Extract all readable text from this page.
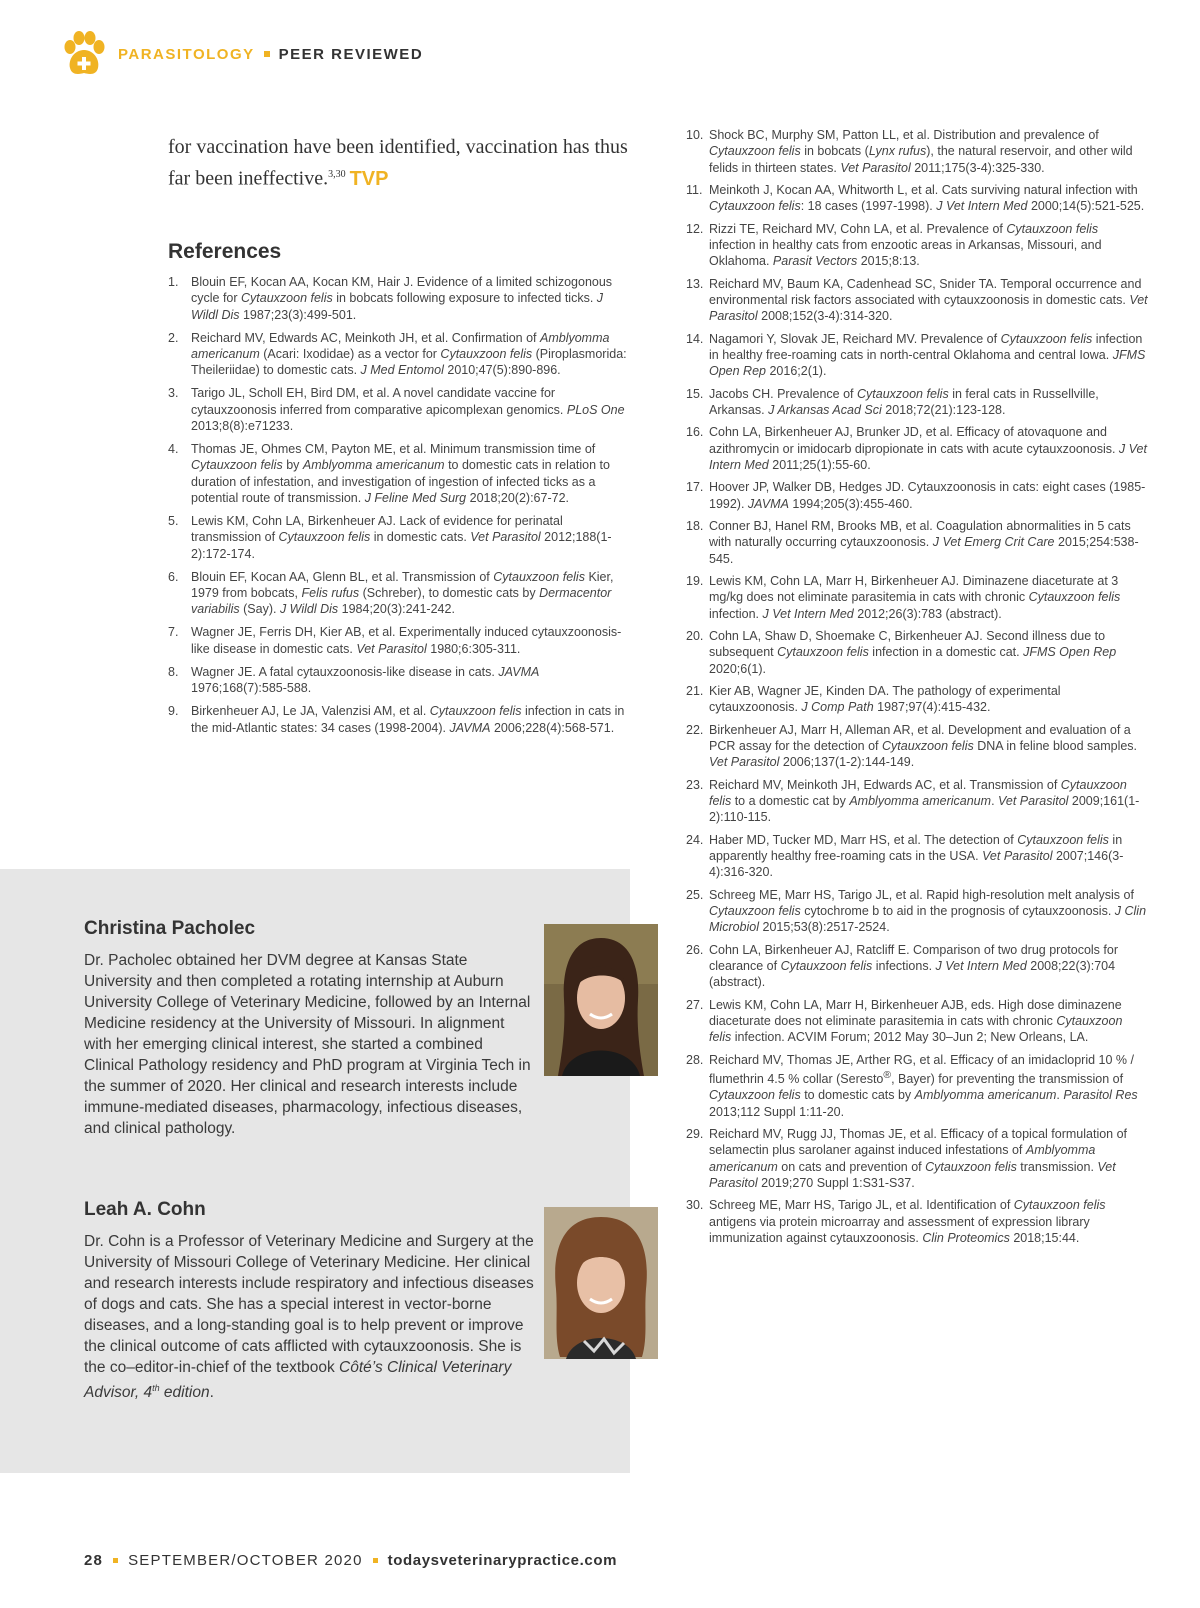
PARASITOLOGY PEER REVIEWED

for vaccination have been identified, vaccination has thus far been ineffective.$^{3,30}$ TVP

References
1.	Blouin EF, Kocan AA, Kocan KM, Hair J. Evidence of a limited schizogonous cycle for Cytauxzoon felis in bobcats following exposure to infected ticks. J Wildl Dis 1987;23(3):499-501.
2.	Reichard MV, Edwards AC, Meinkoth JH, et al. Confirmation of Amblyomma americanum (Acari: Ixodidae) as a vector for Cytauxzoon felis (Piroplasmorida: Theileriidae) to domestic cats. J Med Entomol 2010;47(5):890-896.
3.	Tarigo JL, Scholl EH, Bird DM, et al. A novel candidate vaccine for cytauxzoonosis inferred from comparative apicomplexan genomics. PLoS One 2013;8(8):e71233.
4.	Thomas JE, Ohmes CM, Payton ME, et al. Minimum transmission time of Cytauxzoon felis by Amblyomma americanum to domestic cats in relation to duration of infestation, and investigation of ingestion of infected ticks as a potential route of transmission. J Feline Med Surg 2018;20(2):67-72.
5.	Lewis KM, Cohn LA, Birkenheuer AJ. Lack of evidence for perinatal transmission of Cytauxzoon felis in domestic cats. Vet Parasitol 2012;188(1-2):172-174.
6.	Blouin EF, Kocan AA, Glenn BL, et al. Transmission of Cytauxzoon felis Kier, 1979 from bobcats, Felis rufus (Schreber), to domestic cats by Dermacentor variabilis (Say). J Wildl Dis 1984;20(3):241-242.
7.	Wagner JE, Ferris DH, Kier AB, et al. Experimentally induced cytauxzoonosis-like disease in domestic cats. Vet Parasitol 1980;6:305-311.
8.	Wagner JE. A fatal cytauxzoonosis-like disease in cats. JAVMA 1976;168(7):585-588.
9.	Birkenheuer AJ, Le JA, Valenzisi AM, et al. Cytauxzoon felis infection in cats in the mid-Atlantic states: 34 cases (1998-2004). JAVMA 2006;228(4):568-571.
10. Shock BC, Murphy SM, Patton LL, et al. Distribution and prevalence of Cytauxzoon felis in bobcats (Lynx rufus), the natural reservoir, and other wild felids in thirteen states. Vet Parasitol 2011;175(3-4):325-330.
11. Meinkoth J, Kocan AA, Whitworth L, et al. Cats surviving natural infection with Cytauxzoon felis: 18 cases (1997-1998). J Vet Intern Med 2000;14(5):521-525.
12. Rizzi TE, Reichard MV, Cohn LA, et al. Prevalence of Cytauxzoon felis infection in healthy cats from enzootic areas in Arkansas, Missouri, and Oklahoma. Parasit Vectors 2015;8:13.
13. Reichard MV, Baum KA, Cadenhead SC, Snider TA. Temporal occurrence and environmental risk factors associated with cytauxzoonosis in domestic cats. Vet Parasitol 2008;152(3-4):314-320.
14. Nagamori Y, Slovak JE, Reichard MV. Prevalence of Cytauxzoon felis infection in healthy free-roaming cats in north-central Oklahoma and central Iowa. JFMS Open Rep 2016;2(1).
15. Jacobs CH. Prevalence of Cytauxzoon felis in feral cats in Russellville, Arkansas. J Arkansas Acad Sci 2018;72(21):123-128.
16. Cohn LA, Birkenheuer AJ, Brunker JD, et al. Efficacy of atovaquone and azithromycin or imidocarb dipropionate in cats with acute cytauxzoonosis. J Vet Intern Med 2011;25(1):55-60.
17. Hoover JP, Walker DB, Hedges JD. Cytauxzoonosis in cats: eight cases (1985-1992). JAVMA 1994;205(3):455-460.
18. Conner BJ, Hanel RM, Brooks MB, et al. Coagulation abnormalities in 5 cats with naturally occurring cytauxzoonosis. J Vet Emerg Crit Care 2015;254:538-545.
19. Lewis KM, Cohn LA, Marr H, Birkenheuer AJ. Diminazene diaceturate at 3 mg/kg does not eliminate parasitemia in cats with chronic Cytauxzoon felis infection. J Vet Intern Med 2012;26(3):783 (abstract).
20. Cohn LA, Shaw D, Shoemake C, Birkenheuer AJ. Second illness due to subsequent Cytauxzoon felis infection in a domestic cat. JFMS Open Rep 2020;6(1).
21. Kier AB, Wagner JE, Kinden DA. The pathology of experimental cytauxzoonosis. J Comp Path 1987;97(4):415-432.
22. Birkenheuer AJ, Marr H, Alleman AR, et al. Development and evaluation of a PCR assay for the detection of Cytauxzoon felis DNA in feline blood samples. Vet Parasitol 2006;137(1-2):144-149.
23. Reichard MV, Meinkoth JH, Edwards AC, et al. Transmission of Cytauxzoon felis to a domestic cat by Amblyomma americanum. Vet Parasitol 2009;161(1-2):110-115.
24. Haber MD, Tucker MD, Marr HS, et al. The detection of Cytauxzoon felis in apparently healthy free-roaming cats in the USA. Vet Parasitol 2007;146(3-4):316-320.
25. Schreeg ME, Marr HS, Tarigo JL, et al. Rapid high-resolution melt analysis of Cytauxzoon felis cytochrome b to aid in the prognosis of cytauxzoonosis. J Clin Microbiol 2015;53(8):2517-2524.
26. Cohn LA, Birkenheuer AJ, Ratcliff E. Comparison of two drug protocols for clearance of Cytauxzoon felis infections. J Vet Intern Med 2008;22(3):704 (abstract).
27. Lewis KM, Cohn LA, Marr H, Birkenheuer AJB, eds. High dose diminazene diaceturate does not eliminate parasitemia in cats with chronic Cytauxzoon felis infection. ACVIM Forum; 2012 May 30–Jun 2; New Orleans, LA.
28. Reichard MV, Thomas JE, Arther RG, et al. Efficacy of an imidacloprid 10 % / flumethrin 4.5 % collar (Seresto®, Bayer) for preventing the transmission of Cytauxzoon felis to domestic cats by Amblyomma americanum. Parasitol Res 2013;112 Suppl 1:11-20.
29. Reichard MV, Rugg JJ, Thomas JE, et al. Efficacy of a topical formulation of selamectin plus sarolaner against induced infestations of Amblyomma americanum on cats and prevention of Cytauxzoon felis transmission. Vet Parasitol 2019;270 Suppl 1:S31-S37.
30. Schreeg ME, Marr HS, Tarigo JL, et al. Identification of Cytauxzoon felis antigens via protein microarray and assessment of expression library immunization against cytauxzoonosis. Clin Proteomics 2018;15:44.
Christina Pacholec

Dr. Pacholec obtained her DVM degree at Kansas State University and then completed a rotating internship at Auburn University College of Veterinary Medicine, followed by an Internal Medicine residency at the University of Missouri. In alignment with her emerging clinical interest, she started a combined Clinical Pathology residency and PhD program at Virginia Tech in the summer of 2020. Her clinical and research interests include immune-mediated diseases, pharmacology, infectious diseases, and clinical pathology.

Leah A. Cohn

Dr. Cohn is a Professor of Veterinary Medicine and Surgery at the University of Missouri College of Veterinary Medicine. Her clinical and research interests include respiratory and infectious diseases of dogs and cats. She has a special interest in vector-borne diseases, and a long-standing goal is to help prevent or improve the clinical outcome of cats afflicted with cytauxzoonosis. She is the co–editor-in-chief of the textbook Côté’s Clinical Veterinary Advisor, 4th edition.

28 SEPTEMBER/OCTOBER 2020 todaysveterinarypractice.com
